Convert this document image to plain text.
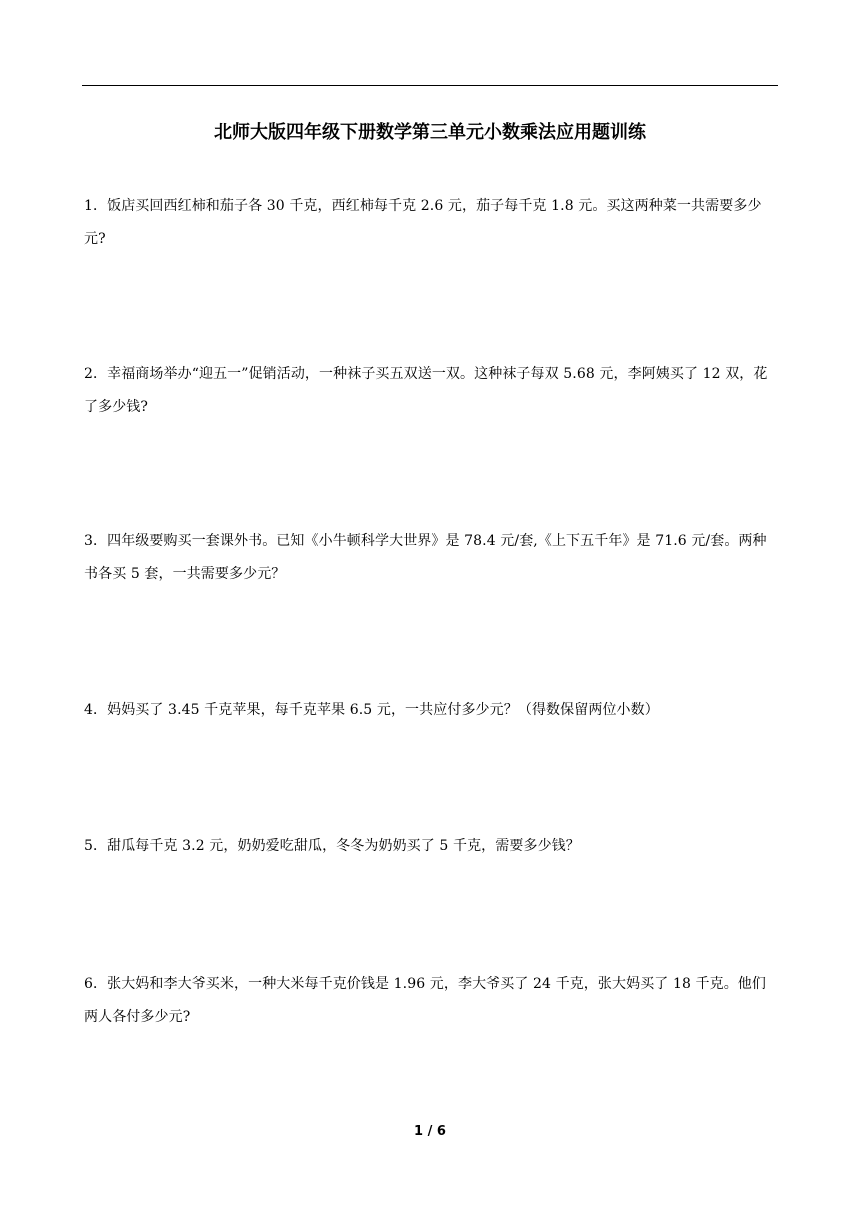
北师大版四年级下册数学第三单元小数乘法应用题训练
1．饭店买回西红柿和茄子各 30 千克，西红柿每千克 2.6 元，茄子每千克 1.8 元。买这两种菜一共需要多少元?
2．幸福商场举办“迎五一”促销活动，一种袜子买五双送一双。这种袜子每双 5.68 元，李阿姨买了 12 双，花了多少钱?
3．四年级要购买一套课外书。已知《小牛顿科学大世界》是 78.4 元/套,《上下五千年》是 71.6 元/套。两种书各买 5 套，一共需要多少元？
4．妈妈买了 3.45 千克苹果，每千克苹果 6.5 元，一共应付多少元？（得数保留两位小数）
5．甜瓜每千克 3.2 元，奶奶爱吃甜瓜，冬冬为奶奶买了 5 千克，需要多少钱？
6．张大妈和李大爷买米，一种大米每千克价钱是 1.96 元，李大爷买了 24 千克，张大妈买了 18 千克。他们两人各付多少元?
1 / 6
